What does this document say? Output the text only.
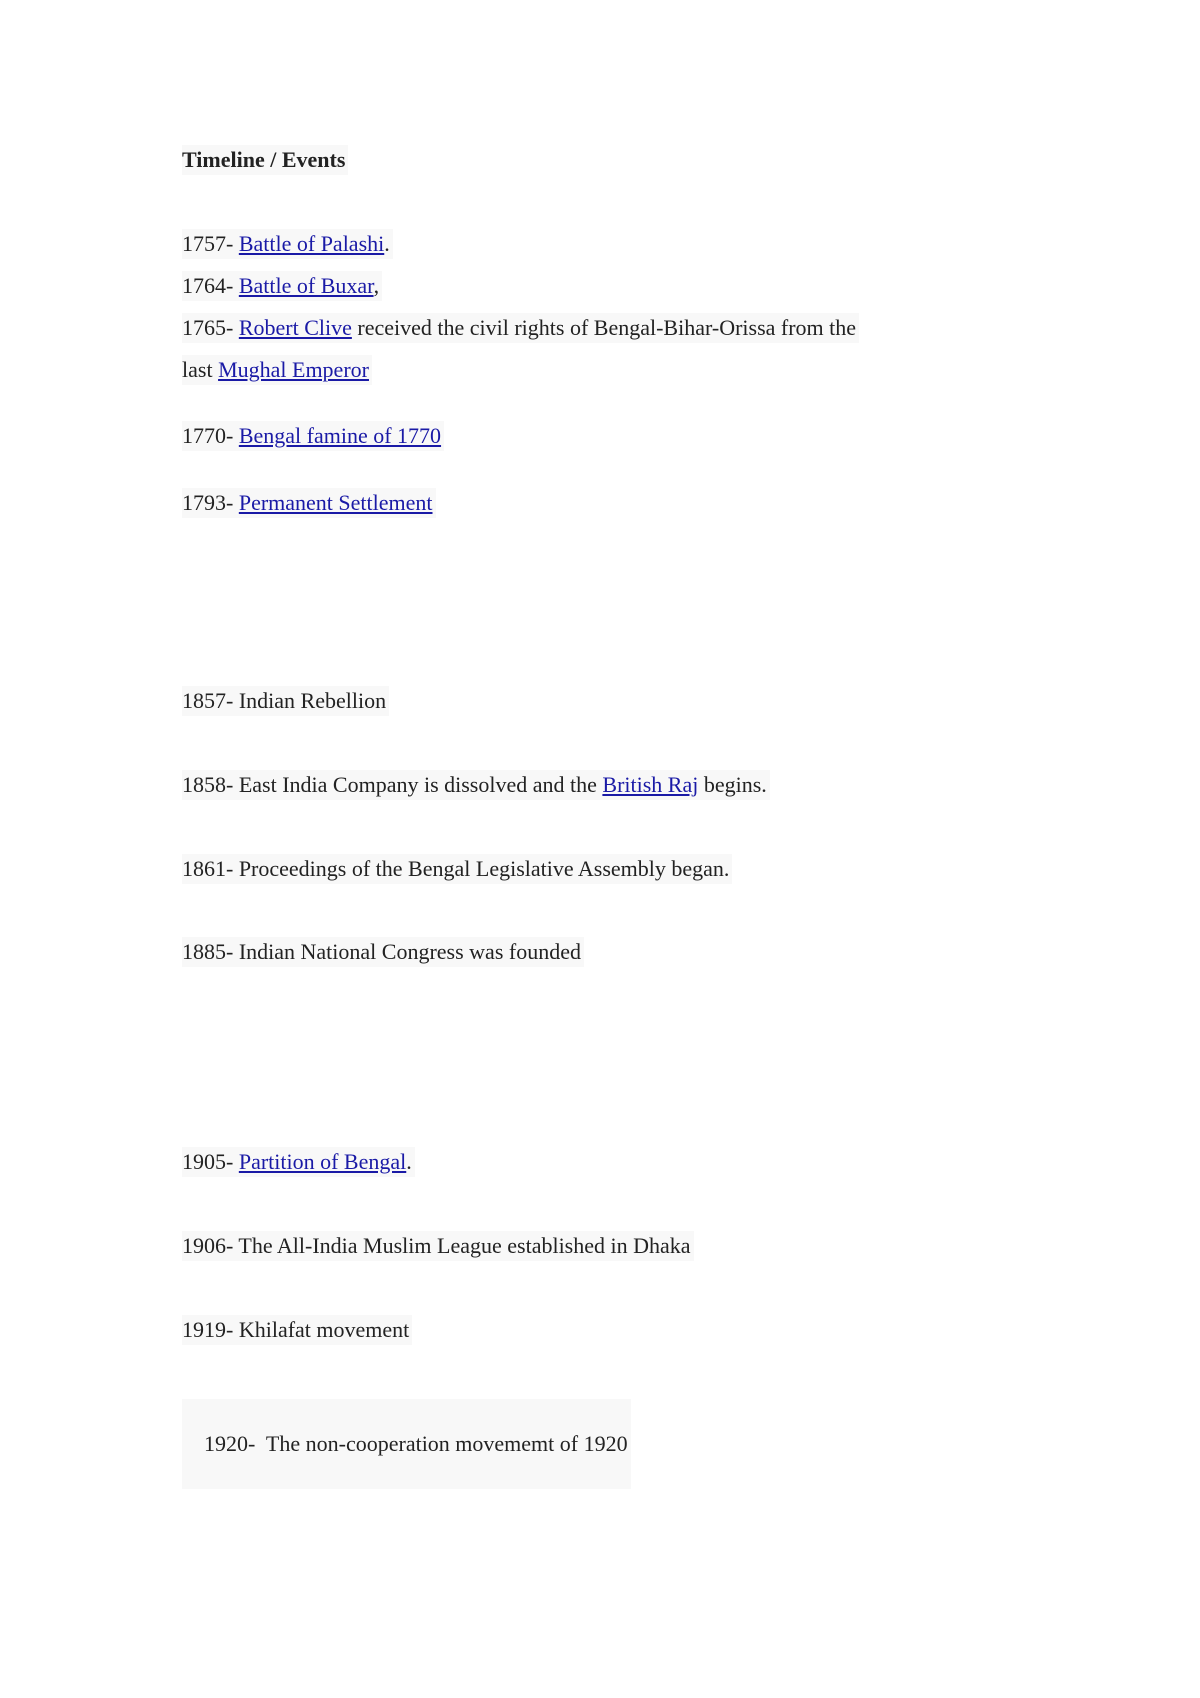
Timeline / Events
1757- Battle of Palashi.
1764- Battle of Buxar,
1765- Robert Clive received the civil rights of Bengal-Bihar-Orissa from the
last Mughal Emperor
1770- Bengal famine of 1770
1793- Permanent Settlement
1857- Indian Rebellion
1858- East India Company is dissolved and the British Raj begins.
1861- Proceedings of the Bengal Legislative Assembly began.
1885- Indian National Congress was founded
1905- Partition of Bengal.
1906- The All-India Muslim League established in Dhaka
1919- Khilafat movement

1920-  The non-cooperation movememt of 1920
